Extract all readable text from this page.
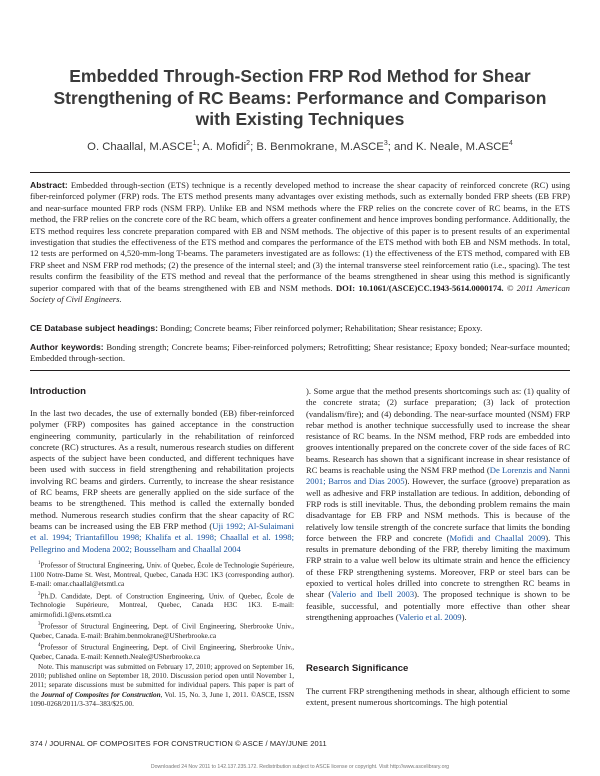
Embedded Through-Section FRP Rod Method for Shear Strengthening of RC Beams: Performance and Comparison with Existing Techniques
O. Chaallal, M.ASCE$^1$; A. Mofidi$^2$; B. Benmokrane, M.ASCE$^3$; and K. Neale, M.ASCE$^4$
Abstract: Embedded through-section (ETS) technique is a recently developed method to increase the shear capacity of reinforced concrete (RC) using fiber-reinforced polymer (FRP) rods. The ETS method presents many advantages over existing methods, such as externally bonded FRP sheets (EB FRP) and near-surface mounted FRP rods (NSM FRP). Unlike EB and NSM methods where the FRP relies on the concrete cover of RC beams, in the ETS method, the FRP relies on the concrete core of the RC beam, which offers a greater confinement and hence improves bonding performance. Additionally, the ETS method requires less concrete preparation compared with EB and NSM methods. The objective of this paper is to present results of an experimental investigation that studies the effectiveness of the ETS method and compares the performance of the ETS method with both EB and NSM methods. In total, 12 tests are performed on 4,520-mm-long T-beams. The parameters investigated are as follows: (1) the effectiveness of the ETS method, compared with EB FRP sheet and NSM FRP rod methods; (2) the presence of the internal steel; and (3) the internal transverse steel reinforcement ratio (i.e., spacing). The test results confirm the feasibility of the ETS method and reveal that the performance of the beams strengthened in shear using this method is significantly superior compared with that of the beams strengthened with EB and NSM methods. DOI: 10.1061/(ASCE)CC.1943-5614.0000174. © 2011 American Society of Civil Engineers.
CE Database subject headings: Bonding; Concrete beams; Fiber reinforced polymer; Rehabilitation; Shear resistance; Epoxy.
Author keywords: Bonding strength; Concrete beams; Fiber-reinforced polymers; Retrofitting; Shear resistance; Epoxy bonded; Near-surface mounted; Embedded through-section.
Introduction

In the last two decades, the use of externally bonded (EB) fiber-reinforced polymer (FRP) composites has gained acceptance in the construction engineering community, particularly in the rehabilitation of reinforced concrete (RC) structures. As a result, numerous research studies on different aspects of the subject have been conducted, and different techniques have been used with success in field strengthening and rehabilitation projects involving RC beams and girders. Currently, to increase the shear resistance of RC beams, FRP sheets are generally applied on the side surface of the beams to be strengthened. This method is called the externally bonded method. Numerous research studies confirm that the shear capacity of RC beams can be increased using the EB FRP method (Uji 1992; Al-Sulaimani et al. 1994; Triantafillou 1998; Khalifa et al. 1998; Chaallal et al. 1998; Pellegrino and Modena 2002; Bousselham and Chaallal 2004

). Some argue that the method presents shortcomings such as: (1) quality of the concrete strata; (2) surface preparation; (3) lack of protection (vandalism/fire); and (4) debonding. The near-surface mounted (NSM) FRP rebar method is another technique successfully used to increase the shear resistance of RC beams. In the NSM method, FRP rods are embedded into grooves intentionally prepared on the concrete cover of the side faces of RC beams. Research has shown that a significant increase in shear resistance of RC beams is reachable using the NSM FRP method (De Lorenzis and Nanni 2001; Barros and Dias 2005). However, the surface (groove) preparation as well as adhesive and FRP installation are tedious. In addition, debonding of FRP rods is still inevitable. Thus, the debonding problem remains the main disadvantage for EB FRP and NSM methods. This is because of the relatively low tensile strength of the concrete surface that limits the bonding force between the FRP and concrete (Mofidi and Chaallal 2009). This results in premature debonding of the FRP, thereby limiting the maximum FRP strain to a value well below its ultimate strain and hence the efficiency of these FRP strengthening systems. Moreover, FRP or steel bars can be epoxied to vertical holes drilled into concrete to strengthen RC beams in shear (Valerio and Ibell 2003). The proposed technique is shown to be feasible, successful, and potentially more effective than other shear strengthening approaches (Valerio et al. 2009).

Research Significance
The current FRP strengthening methods in shear, although efficient to some extent, present numerous shortcomings. The high potential

$^1$Professor of Structural Engineering, Univ. of Quebec, École de Technologie Supérieure, 1100 Notre-Dame St. West, Montreal, Quebec, Canada H3C 1K3 (corresponding author). E-mail: omar.chaallal@etsmtl.ca

$^2$Ph.D. Candidate, Dept. of Construction Engineering, Univ. of Quebec, École de Technologie Supérieure, Montreal, Quebec, Canada H3C 1K3. E-mail: amirmofidi.1@ens.etsmtl.ca

$^3$Professor of Structural Engineering, Dept. of Civil Engineering, Sherbrooke Univ., Quebec, Canada. E-mail: Brahim.benmokrane@USherbrooke.ca

$^4$Professor of Structural Engineering, Dept. of Civil Engineering, Sherbrooke Univ., Quebec, Canada. E-mail: Kenneth.Neale@USherbrooke.ca

Note. This manuscript was submitted on February 17, 2010; approved on September 16, 2010; published online on September 18, 2010. Discussion period open until November 1, 2011; separate discussions must be submitted for individual papers. This paper is part of the Journal of Composites for Construction, Vol. 15, No. 3, June 1, 2011. ©ASCE, ISSN 1090-0268/2011/3-374–383/$25.00.

374 / JOURNAL OF COMPOSITES FOR CONSTRUCTION © ASCE / MAY/JUNE 2011
Downloaded 24 Nov 2011 to 142.137.235.172. Redistribution subject to ASCE license or copyright. Visit http://www.ascelibrary.org
